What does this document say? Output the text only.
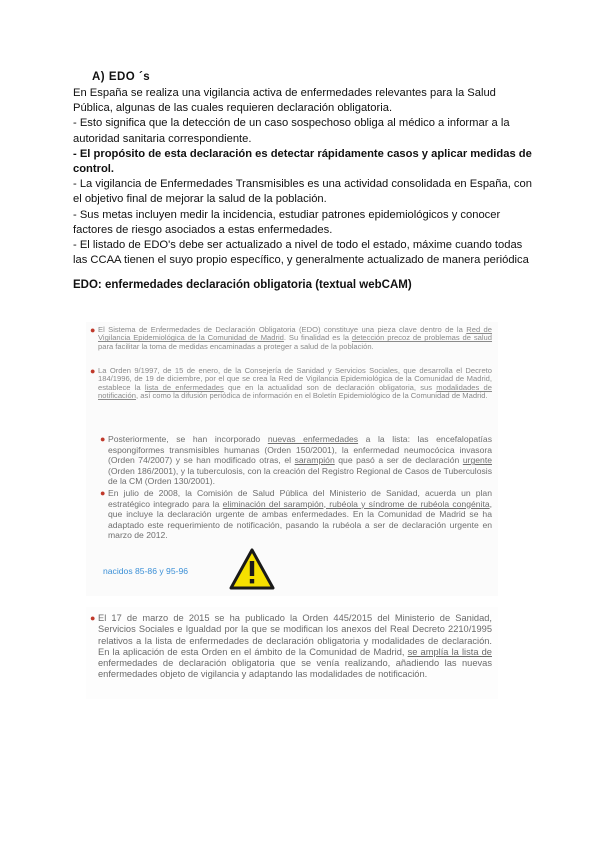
A) EDO ´s

En España se realiza una vigilancia activa de enfermedades relevantes para la Salud Pública, algunas de las cuales requieren declaración obligatoria.

- Esto significa que la detección de un caso sospechoso obliga al médico a informar a la autoridad sanitaria correspondiente.

- El propósito de esta declaración es detectar rápidamente casos y aplicar medidas de control.

- La vigilancia de Enfermedades Transmisibles es una actividad consolidada en España, con el objetivo final de mejorar la salud de la población.

- Sus metas incluyen medir la incidencia, estudiar patrones epidemiológicos y conocer factores de riesgo asociados a estas enfermedades.

- El listado de EDO's debe ser actualizado a nivel de todo el estado, máxime cuando todas las CCAA tienen el suyo propio específico, y generalmente actualizado de manera periódica

EDO: enfermedades declaración obligatoria (textual webCAM)
● El Sistema de Enfermedades de Declaración Obligatoria (EDO) constituye una pieza clave dentro de la Red de Vigilancia Epidemiológica de la Comunidad de Madrid. Su finalidad es la detección precoz de problemas de salud para facilitar la toma de medidas encaminadas a proteger a salud de la población.
● La Orden 9/1997, de 15 de enero, de la Consejería de Sanidad y Servicios Sociales, que desarrolla el Decreto 184/1996, de 19 de diciembre, por el que se crea la Red de Vigilancia Epidemiológica de la Comunidad de Madrid, establece la lista de enfermedades que en la actualidad son de declaración obligatoria, sus modalidades de notificación, así como la difusión periódica de información en el Boletín Epidemiológico de la Comunidad de Madrid.
● Posteriormente, se han incorporado nuevas enfermedades a la lista: las encefalopatías espongiformes transmisibles humanas (Orden 150/2001), la enfermedad neumocócica invasora (Orden 74/2007) y se han modificado otras, el sarampión que pasó a ser de declaración urgente (Orden 186/2001), y la tuberculosis, con la creación del Registro Regional de Casos de Tuberculosis de la CM (Orden 130/2001).
● En julio de 2008, la Comisión de Salud Pública del Ministerio de Sanidad, acuerda un plan estratégico integrado para la eliminación del sarampión, rubéola y síndrome de rubéola congénita, que incluye la declaración urgente de ambas enfermedades. En la Comunidad de Madrid se ha adaptado este requerimiento de notificación, pasando la rubéola a ser de declaración urgente en marzo de 2012.
nacidos 85-86 y 95-96
● El 17 de marzo de 2015 se ha publicado la Orden 445/2015 del Ministerio de Sanidad, Servicios Sociales e Igualdad por la que se modifican los anexos del Real Decreto 2210/1995 relativos a la lista de enfermedades de declaración obligatoria y modalidades de declaración. En la aplicación de esta Orden en el ámbito de la Comunidad de Madrid, se amplía la lista de enfermedades de declaración obligatoria que se venía realizando, añadiendo las nuevas enfermedades objeto de vigilancia y adaptando las modalidades de notificación.
